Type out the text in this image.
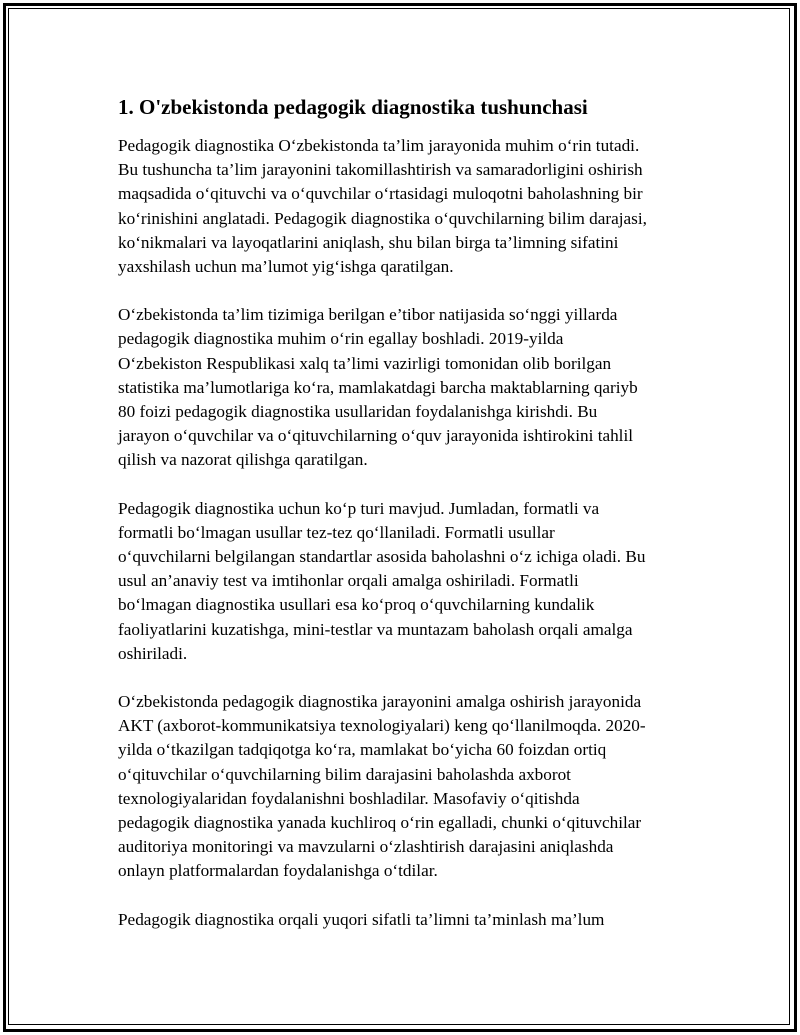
1. O'zbekistonda pedagogik diagnostika tushunchasi

Pedagogik diagnostika O‘zbekistonda ta’lim jarayonida muhim o‘rin tutadi.
Bu tushuncha ta’lim jarayonini takomillashtirish va samaradorligini oshirish
maqsadida o‘qituvchi va o‘quvchilar o‘rtasidagi muloqotni baholashning bir
ko‘rinishini anglatadi. Pedagogik diagnostika o‘quvchilarning bilim darajasi,
ko‘nikmalari va layoqatlarini aniqlash, shu bilan birga ta’limning sifatini
yaxshilash uchun ma’lumot yig‘ishga qaratilgan.

O‘zbekistonda ta’lim tizimiga berilgan e’tibor natijasida so‘nggi yillarda
pedagogik diagnostika muhim o‘rin egallay boshladi. 2019-yilda
O‘zbekiston Respublikasi xalq ta’limi vazirligi tomonidan olib borilgan
statistika ma’lumotlariga ko‘ra, mamlakatdagi barcha maktablarning qariyb
80 foizi pedagogik diagnostika usullaridan foydalanishga kirishdi. Bu
jarayon o‘quvchilar va o‘qituvchilarning o‘quv jarayonida ishtirokini tahlil
qilish va nazorat qilishga qaratilgan.

Pedagogik diagnostika uchun ko‘p turi mavjud. Jumladan, formatli va
formatli bo‘lmagan usullar tez-tez qo‘llaniladi. Formatli usullar
o‘quvchilarni belgilangan standartlar asosida baholashni o‘z ichiga oladi. Bu
usul an’anaviy test va imtihonlar orqali amalga oshiriladi. Formatli
bo‘lmagan diagnostika usullari esa ko‘proq o‘quvchilarning kundalik
faoliyatlarini kuzatishga, mini-testlar va muntazam baholash orqali amalga
oshiriladi.

O‘zbekistonda pedagogik diagnostika jarayonini amalga oshirish jarayonida
AKT (axborot-kommunikatsiya texnologiyalari) keng qo‘llanilmoqda. 2020-
yilda o‘tkazilgan tadqiqotga ko‘ra, mamlakat bo‘yicha 60 foizdan ortiq
o‘qituvchilar o‘quvchilarning bilim darajasini baholashda axborot
texnologiyalaridan foydalanishni boshladilar. Masofaviy o‘qitishda
pedagogik diagnostika yanada kuchliroq o‘rin egalladi, chunki o‘qituvchilar
auditoriya monitoringi va mavzularni o‘zlashtirish darajasini aniqlashda
onlayn platformalardan foydalanishga o‘tdilar.

Pedagogik diagnostika orqali yuqori sifatli ta’limni ta’minlash ma’lum
